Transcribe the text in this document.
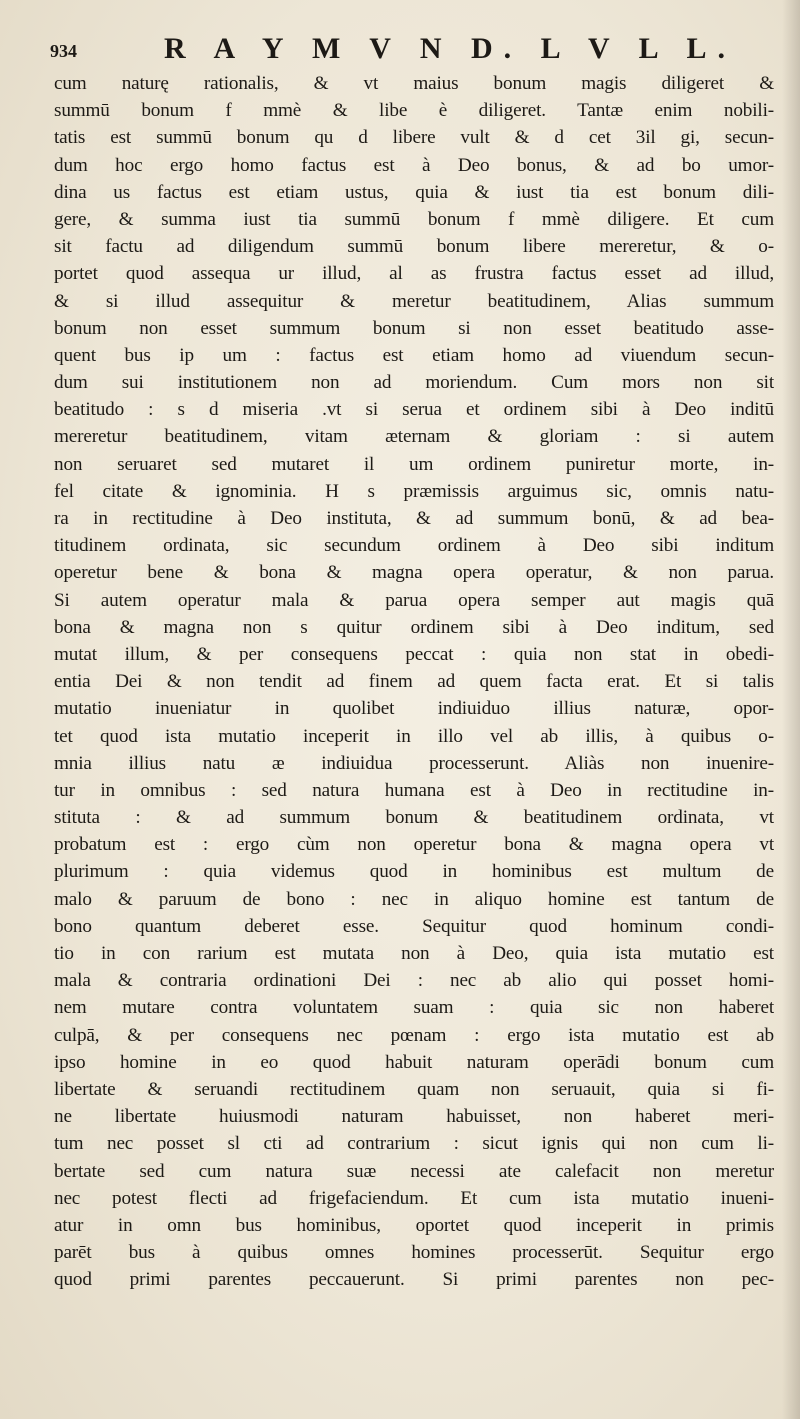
934	R A Y M V N D. L V L L.
cum naturę rationalis, & vt maius bonum magis diligeret &
summū bonum f mmè & libe è diligeret. Tantæ enim nobili-
tatis est summū bonum qu d libere vult & d cet 3il gi, secun-
dum hoc ergo homo factus est à Deo bonus, & ad bo umor-
dina us factus est etiam ustus, quia & iust tia est bonum dili-
gere, & summa iust tia summū bonum f mmè diligere. Et cum
sit factu ad diligendum summū bonum libere mereretur, & o-
portet quod assequa ur illud, al as frustra factus esset ad illud,
& si illud assequitur & meretur beatitudinem, Alias summum
bonum non esset summum bonum si non esset beatitudo asse-
quent bus ip um : factus est etiam homo ad viuendum secun-
dum sui institutionem non ad moriendum. Cum mors non sit
beatitudo : s d miseria .vt si serua et ordinem sibi à Deo inditū
mereretur beatitudinem, vitam æternam & gloriam : si autem
non seruaret sed mutaret il um ordinem puniretur morte, in-
fel citate & ignominia. H s præmissis arguimus sic, omnis natu-
ra in rectitudine à Deo instituta, & ad summum bonū, & ad bea-
titudinem ordinata, sic secundum ordinem à Deo sibi inditum
operetur bene & bona & magna opera operatur, & non parua.
Si autem operatur mala & parua opera semper aut magis quā
bona & magna non s quitur ordinem sibi à Deo inditum, sed
mutat illum, & per consequens peccat : quia non stat in obedi-
entia Dei & non tendit ad finem ad quem facta erat. Et si talis
mutatio inueniatur in quolibet indiuiduo illius naturæ, opor-
tet quod ista mutatio inceperit in illo vel ab illis, à quibus o-
mnia illius natu æ indiuidua processerunt. Aliàs non inuenire-
tur in omnibus : sed natura humana est à Deo in rectitudine in-
stituta : & ad summum bonum & beatitudinem ordinata, vt
probatum est : ergo cùm non operetur bona & magna opera vt
plurimum : quia videmus quod in hominibus est multum de
malo & paruum de bono : nec in aliquo homine est tantum de
bono quantum deberet esse. Sequitur quod hominum condi-
tio in con rarium est mutata non à Deo, quia ista mutatio est
mala & contraria ordinationi Dei : nec ab alio qui posset homi-
nem mutare contra voluntatem suam : quia sic non haberet
culpā, & per consequens nec pœnam : ergo ista mutatio est ab
ipso homine in eo quod habuit naturam operādi bonum cum
libertate & seruandi rectitudinem quam non seruauit, quia si fi-
ne libertate huiusmodi naturam habuisset, non haberet meri-
tum nec posset sl cti ad contrarium : sicut ignis qui non cum li-
bertate sed cum natura suæ necessi ate calefacit non meretur
nec potest flecti ad frigefaciendum. Et cum ista mutatio inueni-
atur in omn bus hominibus, oportet quod inceperit in primis
parēt bus à quibus omnes homines processerūt. Sequitur ergo
quod primi parentes peccauerunt. Si primi parentes non pec-
